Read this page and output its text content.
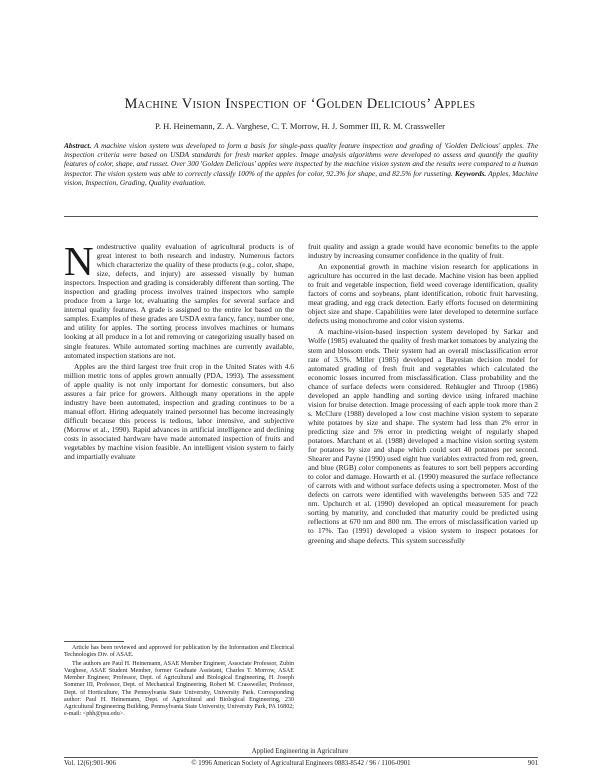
Machine Vision Inspection of ‘Golden Delicious’ Apples
P. H. Heinemann, Z. A. Varghese, C. T. Morrow, H. J. Sommer III, R. M. Crassweller
Abstract. A machine vision system was developed to form a basis for single-pass quality feature inspection and grading of 'Golden Delicious' apples. The inspection criteria were based on USDA standards for fresh market apples. Image analysis algorithms were developed to assess and quantify the quality features of color, shape, and russet. Over 300 'Golden Delicious' apples were inspected by the machine vision system and the results were compared to a human inspector. The vision system was able to correctly classify 100% of the apples for color, 92.3% for shape, and 82.5% for russeting. Keywords. Apples, Machine vision, Inspection, Grading, Quality evaluation.

N ondestructive quality evaluation of agricultural products is of great interest to both research and industry. Numerous factors which characterize the quality of these products (e.g., color, shape, size, defects, and injury) are assessed visually by human inspectors. Inspection and grading is considerably different than sorting. The inspection and grading process involves trained inspectors who sample produce from a large lot, evaluating the samples for several surface and internal quality features. A grade is assigned to the entire lot based on the samples. Examples of these grades are USDA extra fancy, fancy, number one, and utility for apples. The sorting process involves machines or humans looking at all produce in a lot and removing or categorizing usually based on single features. While automated sorting machines are currently available, automated inspection stations are not.

Apples are the third largest tree fruit crop in the United States with 4.6 million metric tons of apples grown annually (PDA, 1993). The assessment of apple quality is not only important for domestic consumers, but also assures a fair price for growers. Although many operations in the apple industry have been automated, inspection and grading continues to be a manual effort. Hiring adequately trained personnel has become increasingly difficult because this process is tedious, labor intensive, and subjective (Morrow et al., 1990). Rapid advances in artificial intelligence and declining costs in associated hardware have made automated inspection of fruits and vegetables by machine vision feasible. An intelligent vision system to fairly and impartially evaluate

fruit quality and assign a grade would have economic benefits to the apple industry by increasing consumer confidence in the quality of fruit.

An exponential growth in machine vision research for applications in agriculture has occurred in the last decade. Machine vision has been applied to fruit and vegetable inspection, field weed coverage identification, quality factors of corns and soybeans, plant identification, robotic fruit harvesting, meat grading, and egg crack detection. Early efforts focused on determining object size and shape. Capabilities were later developed to determine surface defects using monochrome and color vision systems.

A machine-vision-based inspection system developed by Sarkar and Wolfe (1985) evaluated the quality of fresh market tomatoes by analyzing the stem and blossom ends. Their system had an overall misclassification error rate of 3.5%. Miller (1985) developed a Bayesian decision model for automated grading of fresh fruit and vegetables which calculated the economic losses incurred from misclassification. Class probability and the chance of surface defects were considered. Rehkugler and Throop (1986) developed an apple handling and sorting device using infrared machine vision for bruise detection. Image processing of each apple took more than 2 s. McClure (1988) developed a low cost machine vision system to separate white potatoes by size and shape. The system had less than 2% error in predicting size and 5% error in predicting weight of regularly shaped potatoes. Marchant et al. (1988) developed a machine vision sorting system for potatoes by size and shape which could sort 40 potatoes per second. Shearer and Payne (1990) used eight hue variables extracted from red, green, and blue (RGB) color components as features to sort bell peppers according to color and damage. Howarth et al. (1990) measured the surface reflectance of carrots with and without surface defects using a spectrometer. Most of the defects on carrots were identified with wavelengths between 535 and 722 nm. Upchurch et al. (1990) developed an optical measurement for peach sorting by maturity, and concluded that maturity could be predicted using reflections at 670 nm and 800 nm. The errors of misclassification varied up to 17%. Tao (1991) developed a vision system to inspect potatoes for greening and shape defects. This system successfully

Article has been reviewed and approved for publication by the Information and Electrical Technologies Div. of ASAE.

The authors are Paul H. Heinemann, ASAE Member Engineer, Associate Professor, Zubin Varghese, ASAE Student Member, former Graduate Assistant, Charles T. Morrow, ASAE Member Engineer, Professor, Dept. of Agricultural and Biological Engineering, H. Joseph Sommer III, Professor, Dept. of Mechanical Engineering, Robert M. Crassweller, Professor, Dept. of Horticulture, The Pennsylvania State University, University Park. Corresponding author: Paul H. Heinemann, Dept. of Agricultural and Biological Engineering, 230 Agricultural Engineering Building, Pennsylvania State University, University Park, PA 16802; e-mail: <phh@psu.edu>.

Applied Engineering in Agriculture
Vol. 12(6):901-906	© 1996 American Society of Agricultural Engineers 0883-8542 / 96 / 1106-0901	901
